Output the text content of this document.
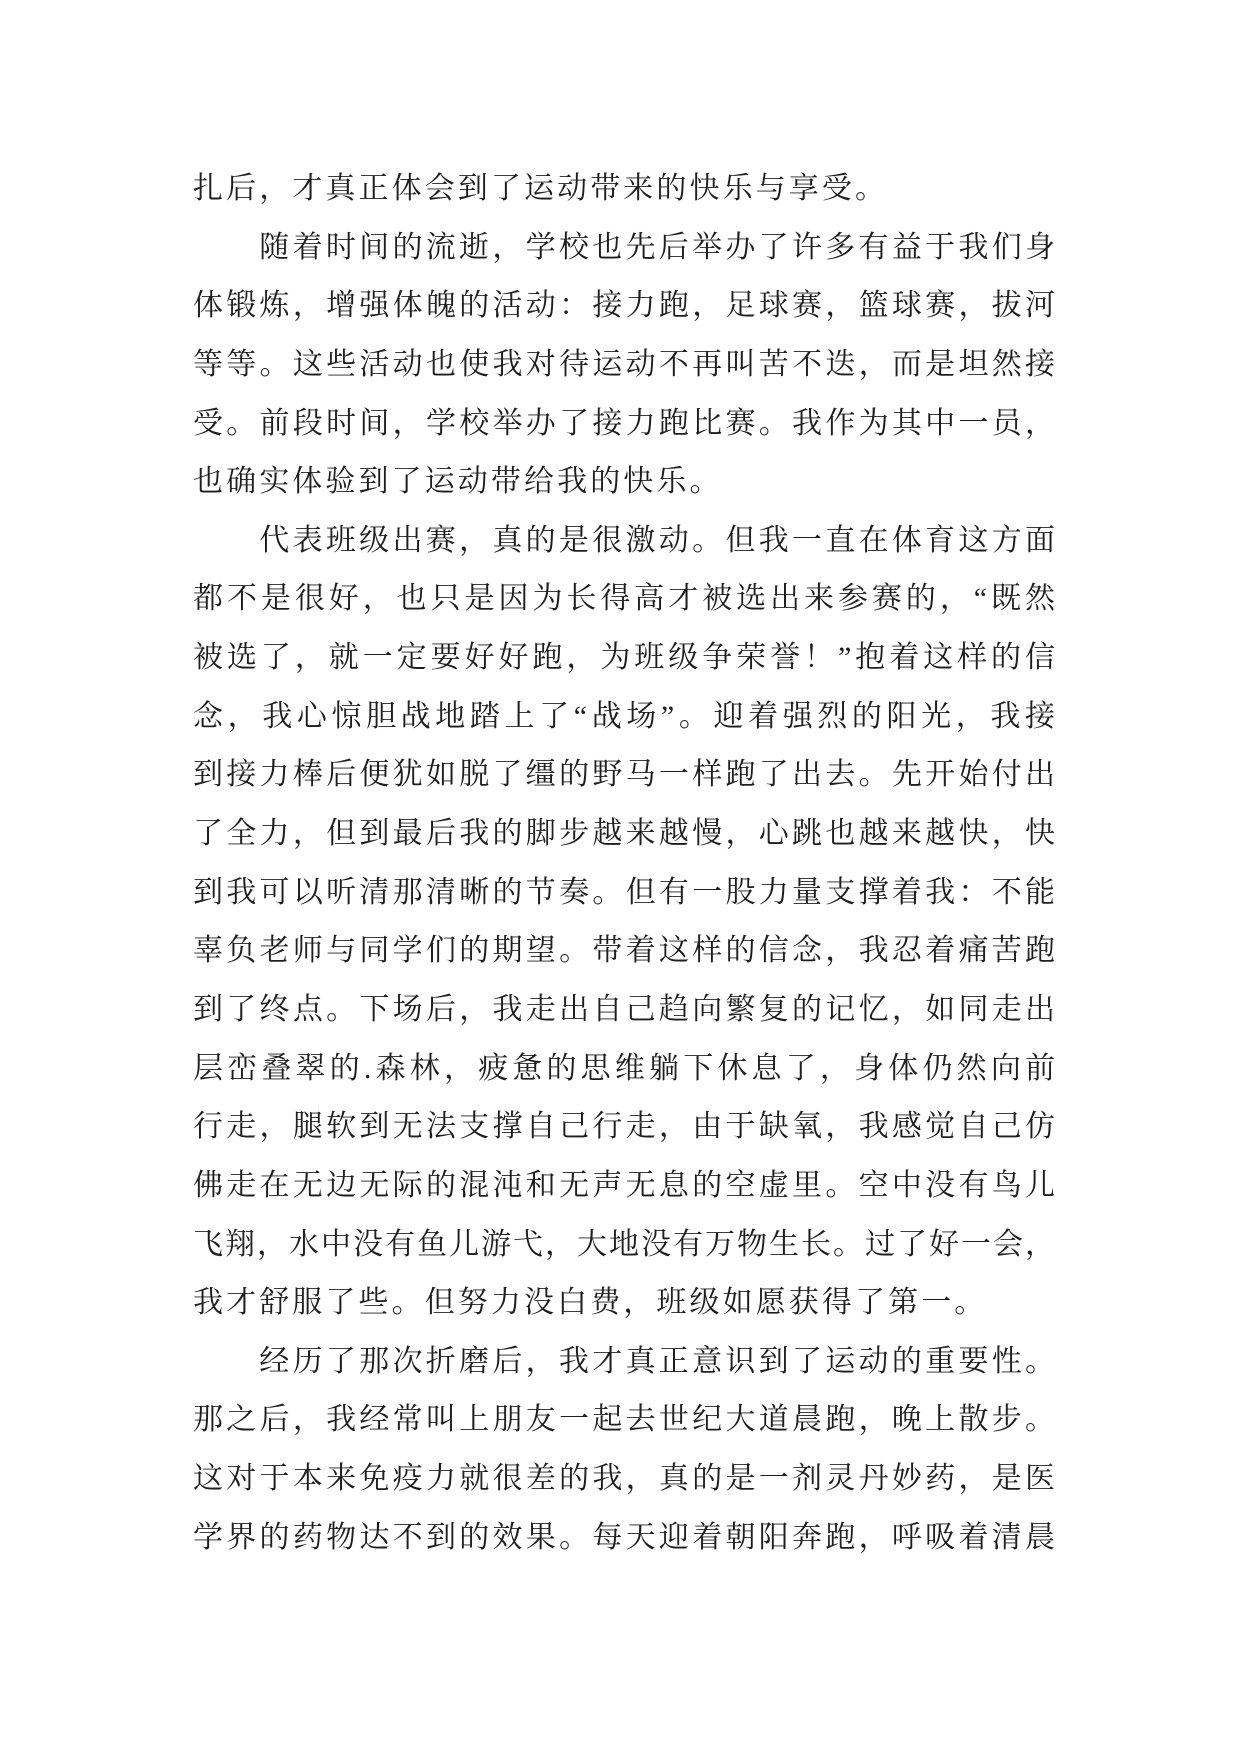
扎后，才真正体会到了运动带来的快乐与享受。
随着时间的流逝，学校也先后举办了许多有益于我们身
体锻炼，增强体魄的活动：接力跑，足球赛，篮球赛，拔河
等等。这些活动也使我对待运动不再叫苦不迭，而是坦然接
受。前段时间，学校举办了接力跑比赛。我作为其中一员，
也确实体验到了运动带给我的快乐。
代表班级出赛，真的是很激动。但我一直在体育这方面
都不是很好，也只是因为长得高才被选出来参赛的，“既然
被选了，就一定要好好跑，为班级争荣誉！”抱着这样的信
念，我心惊胆战地踏上了“战场”。迎着强烈的阳光，我接
到接力棒后便犹如脱了缰的野马一样跑了出去。先开始付出
了全力，但到最后我的脚步越来越慢，心跳也越来越快，快
到我可以听清那清晰的节奏。但有一股力量支撑着我：不能
辜负老师与同学们的期望。带着这样的信念，我忍着痛苦跑
到了终点。下场后，我走出自己趋向繁复的记忆，如同走出
层峦叠翠的.森林，疲惫的思维躺下休息了，身体仍然向前
行走，腿软到无法支撑自己行走，由于缺氧，我感觉自己仿
佛走在无边无际的混沌和无声无息的空虚里。空中没有鸟儿
飞翔，水中没有鱼儿游弋，大地没有万物生长。过了好一会，
我才舒服了些。但努力没白费，班级如愿获得了第一。
经历了那次折磨后，我才真正意识到了运动的重要性。
那之后，我经常叫上朋友一起去世纪大道晨跑，晚上散步。
这对于本来免疫力就很差的我，真的是一剂灵丹妙药，是医
学界的药物达不到的效果。每天迎着朝阳奔跑，呼吸着清晨
